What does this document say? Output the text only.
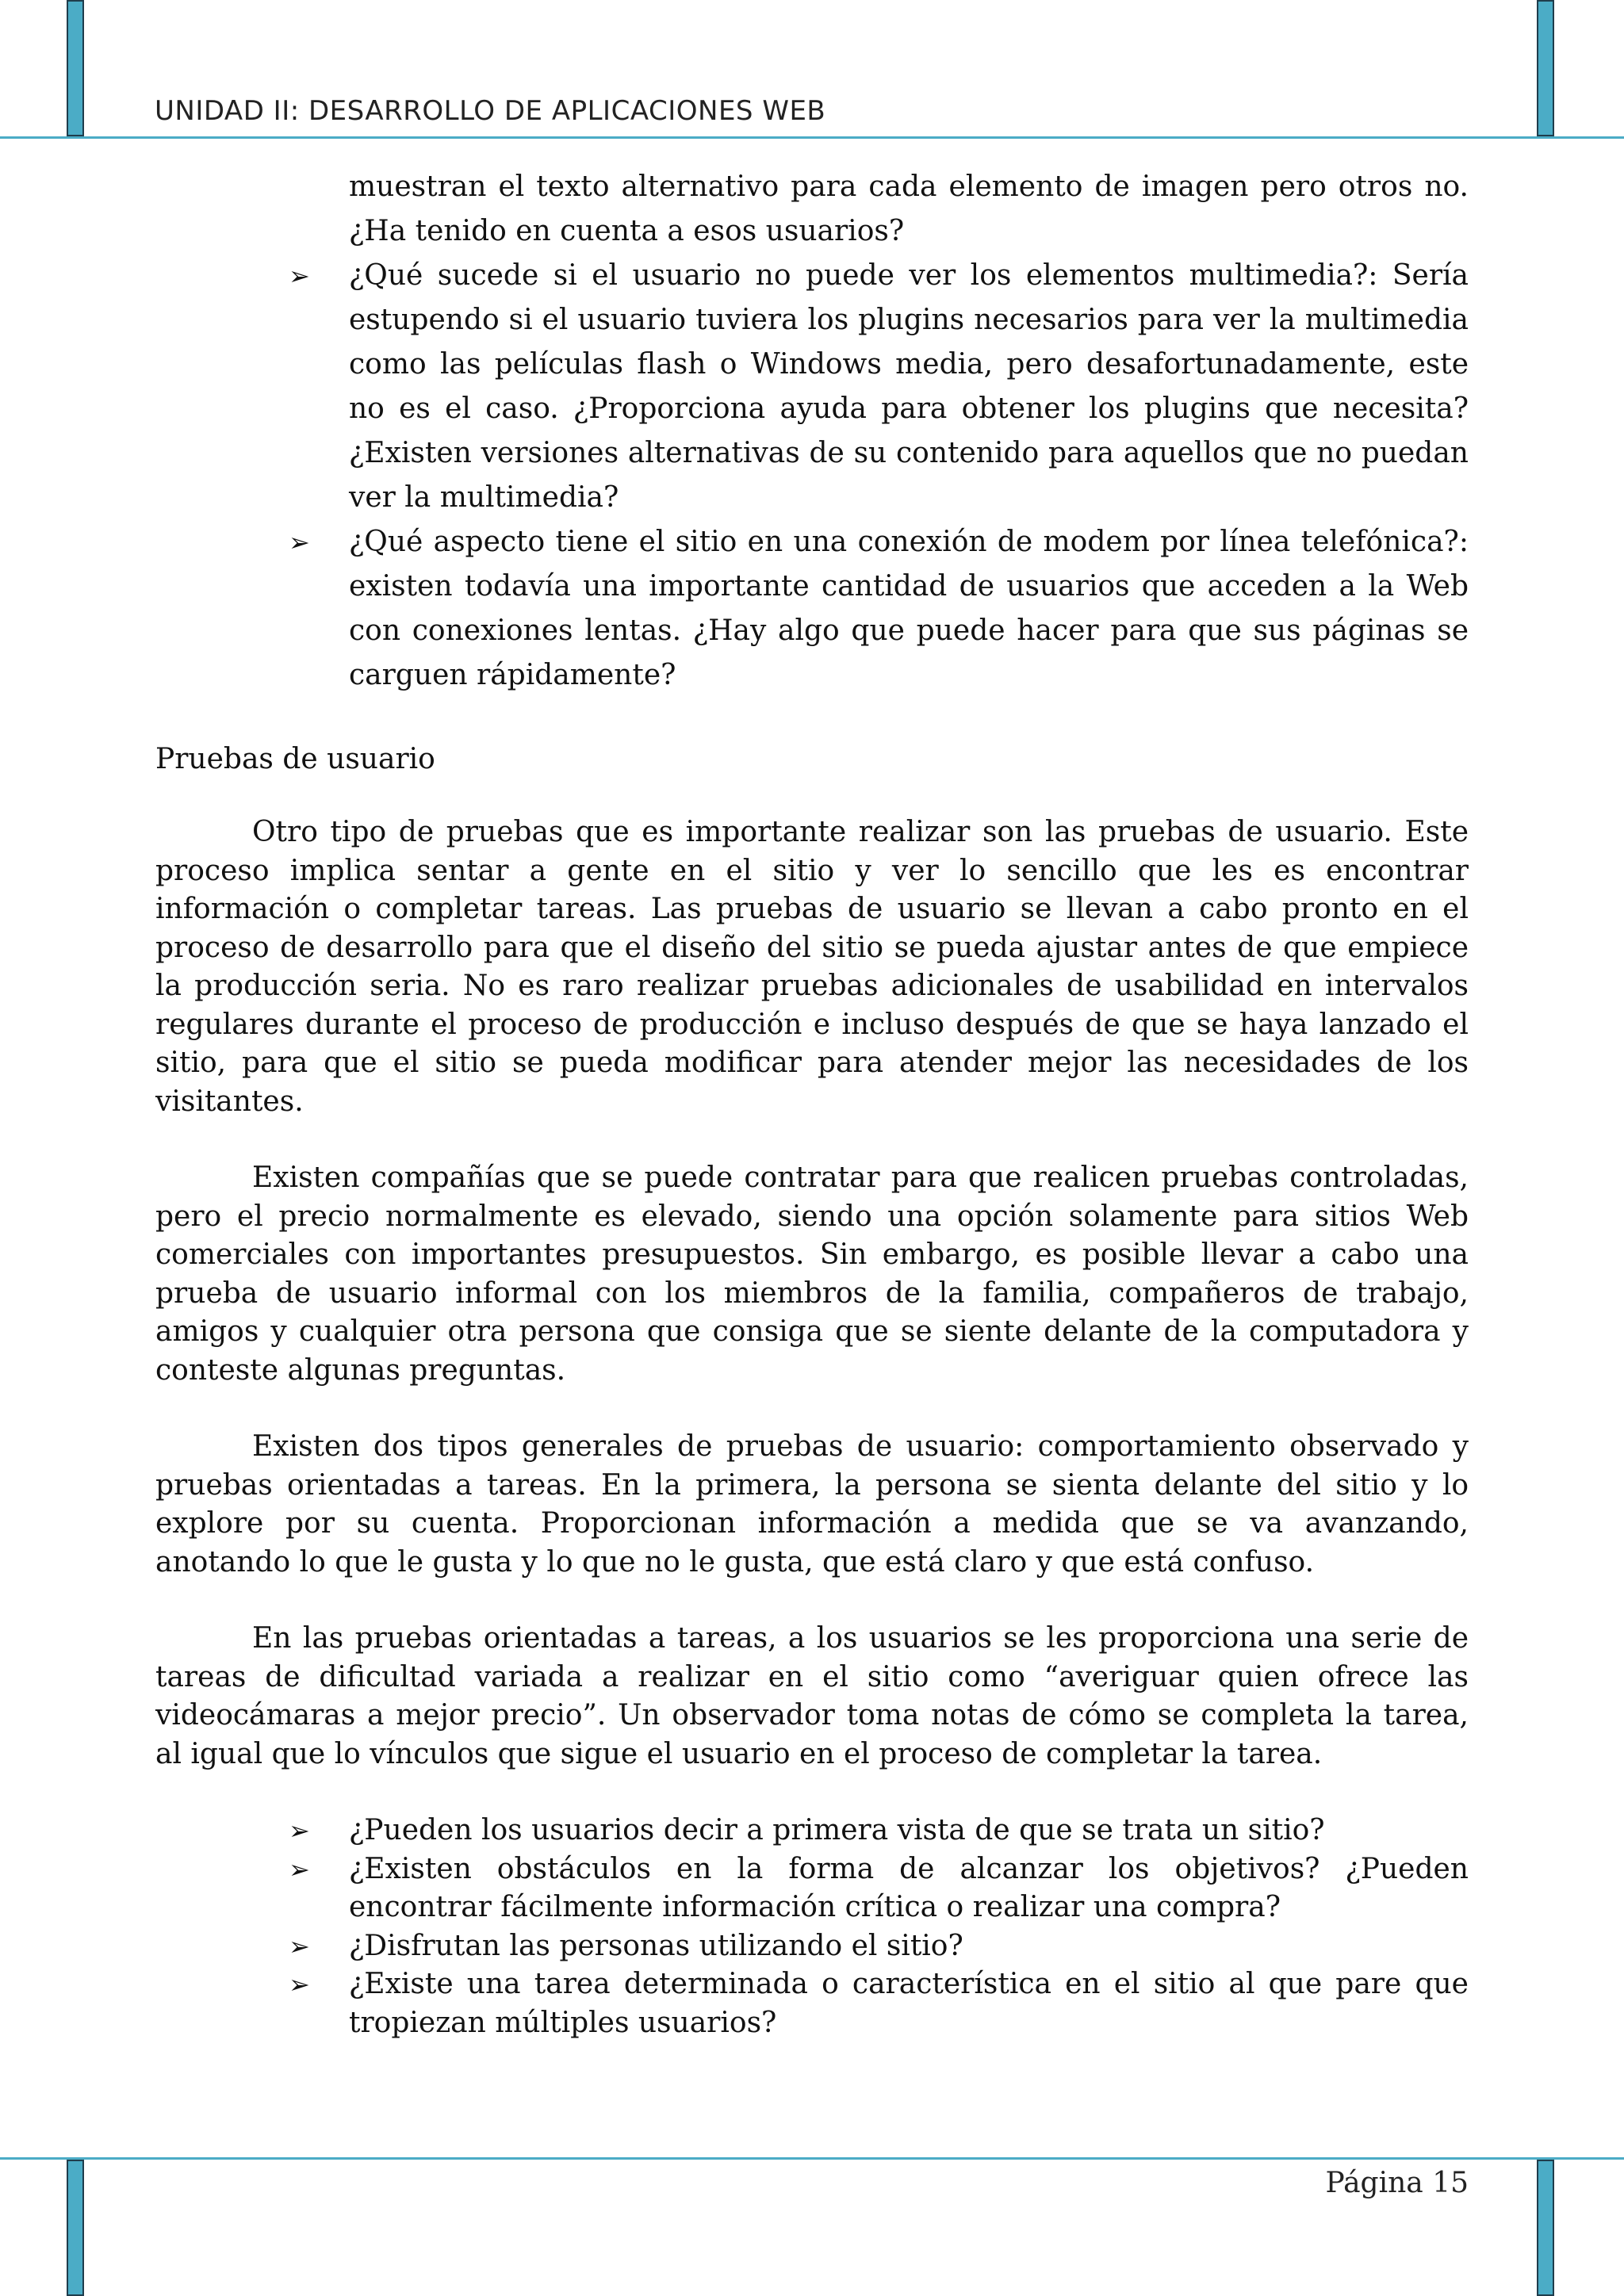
UNIDAD II: DESARROLLO DE APLICACIONES WEB
muestran el texto alternativo para cada elemento de imagen pero otros no. ¿Ha tenido en cuenta a esos usuarios?
➢ ¿Qué sucede si el usuario no puede ver los elementos multimedia?: Sería estupendo si el usuario tuviera los plugins necesarios para ver la multimedia como las películas flash o Windows media, pero desafortunadamente, este no es el caso. ¿Proporciona ayuda para obtener los plugins que necesita? ¿Existen versiones alternativas de su contenido para aquellos que no puedan ver la multimedia?
➢ ¿Qué aspecto tiene el sitio en una conexión de modem por línea telefónica?: existen todavía una importante cantidad de usuarios que acceden a la Web con conexiones lentas. ¿Hay algo que puede hacer para que sus páginas se carguen rápidamente?
Pruebas de usuario

Otro tipo de pruebas que es importante realizar son las pruebas de usuario. Este proceso implica sentar a gente en el sitio y ver lo sencillo que les es encontrar información o completar tareas. Las pruebas de usuario se llevan a cabo pronto en el proceso de desarrollo para que el diseño del sitio se pueda ajustar antes de que empiece la producción seria. No es raro realizar pruebas adicionales de usabilidad en intervalos regulares durante el proceso de producción e incluso después de que se haya lanzado el sitio, para que el sitio se pueda modificar para atender mejor las necesidades de los visitantes.

Existen compañías que se puede contratar para que realicen pruebas controladas, pero el precio normalmente es elevado, siendo una opción solamente para sitios Web comerciales con importantes presupuestos. Sin embargo, es posible llevar a cabo una prueba de usuario informal con los miembros de la familia, compañeros de trabajo, amigos y cualquier otra persona que consiga que se siente delante de la computadora y conteste algunas preguntas.

Existen dos tipos generales de pruebas de usuario: comportamiento observado y pruebas orientadas a tareas. En la primera, la persona se sienta delante del sitio y lo explore por su cuenta. Proporcionan información a medida que se va avanzando, anotando lo que le gusta y lo que no le gusta, que está claro y que está confuso.

En las pruebas orientadas a tareas, a los usuarios se les proporciona una serie de tareas de dificultad variada a realizar en el sitio como “averiguar quien ofrece las videocámaras a mejor precio”. Un observador toma notas de cómo se completa la tarea, al igual que lo vínculos que sigue el usuario en el proceso de completar la tarea.

➢ ¿Pueden los usuarios decir a primera vista de que se trata un sitio?
➢ ¿Existen obstáculos en la forma de alcanzar los objetivos? ¿Pueden encontrar fácilmente información crítica o realizar una compra?
➢ ¿Disfrutan las personas utilizando el sitio?
➢ ¿Existe una tarea determinada o característica en el sitio al que pare que tropiezan múltiples usuarios?
Página 15
